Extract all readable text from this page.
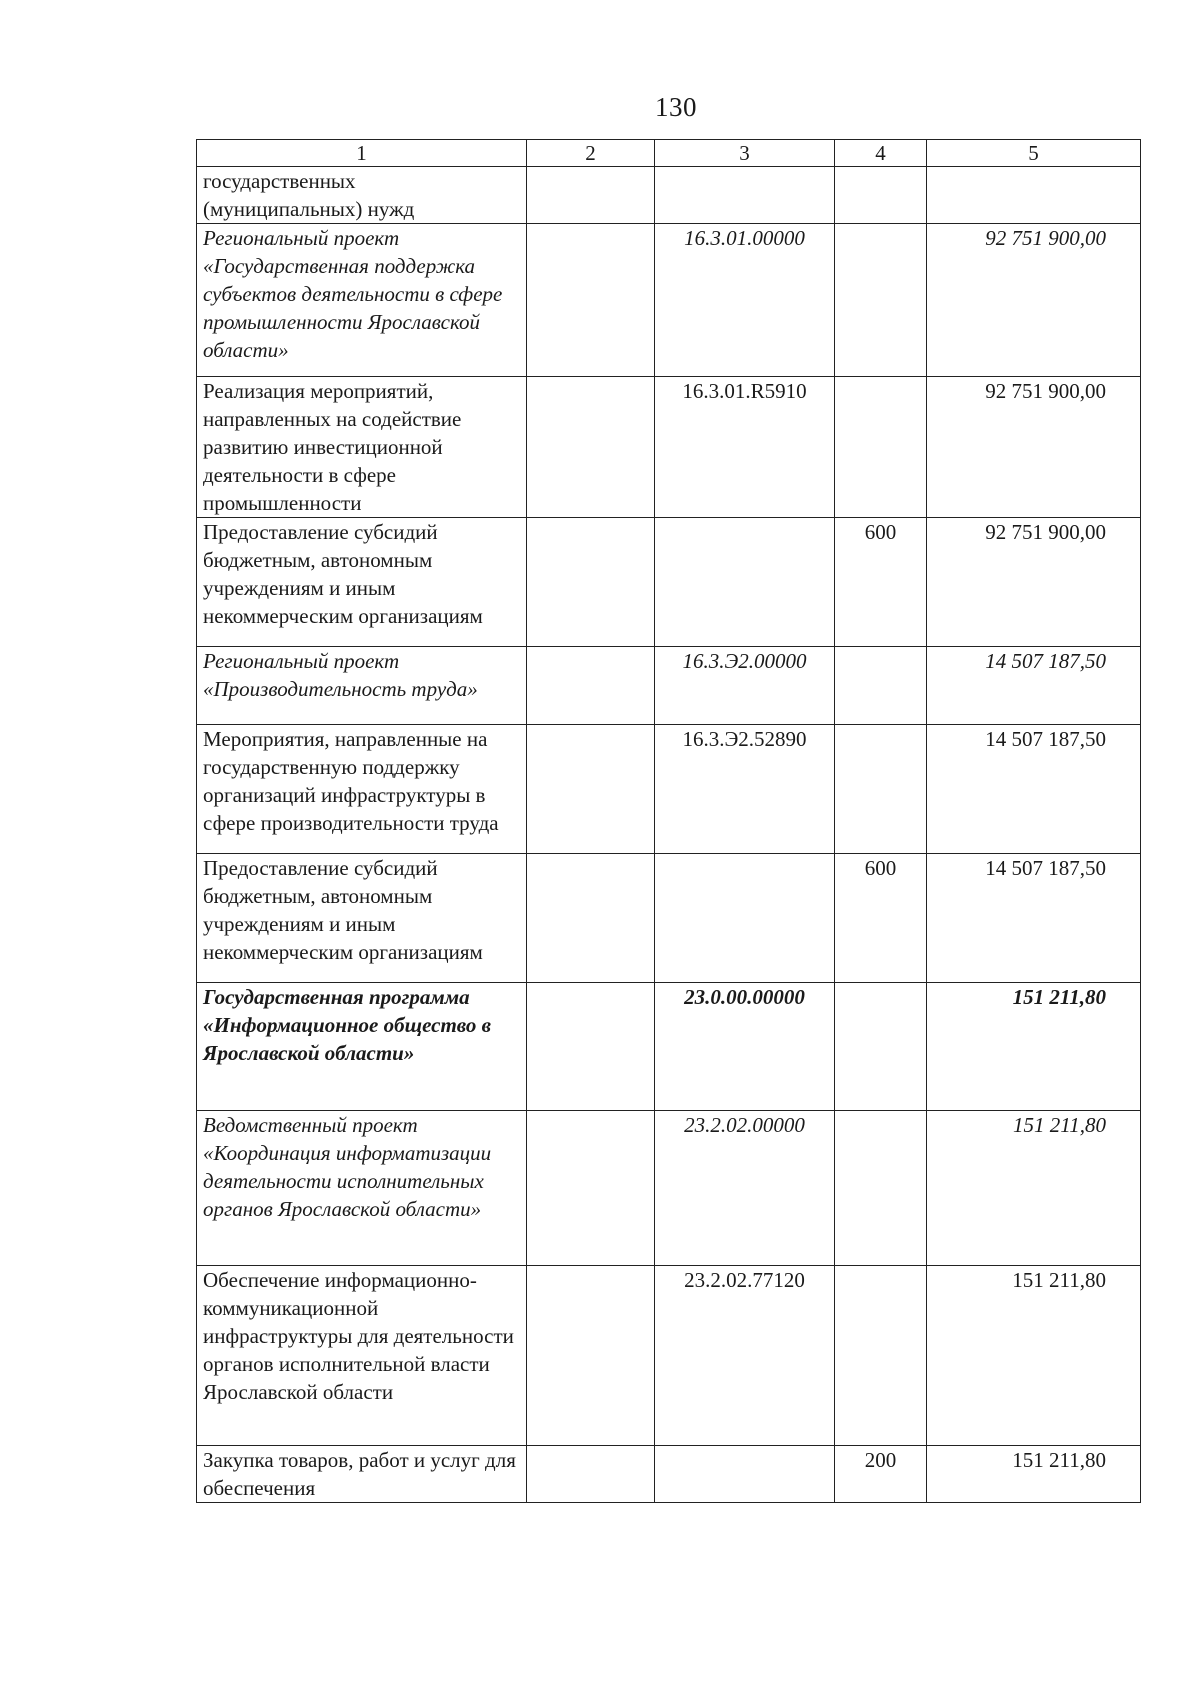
130
1	2	3	4	5
государственных (муниципальных) нужд				
Региональный проект «Государственная поддержка субъектов деятельности в сфере промышленности Ярославской области»		16.3.01.00000		92 751 900,00
Реализация мероприятий, направленных на содействие развитию инвестиционной деятельности в сфере промышленности		16.3.01.R5910		92 751 900,00
Предоставление субсидий бюджетным, автономным учреждениям и иным некоммерческим организациям			600	92 751 900,00
Региональный проект «Производительность труда»		16.3.Э2.00000		14 507 187,50
Мероприятия, направленные на государственную поддержку организаций инфраструктуры в сфере производительности труда		16.3.Э2.52890		14 507 187,50
Предоставление субсидий бюджетным, автономным учреждениям и иным некоммерческим организациям			600	14 507 187,50
Государственная программа «Информационное общество в Ярославской области»		23.0.00.00000		151 211,80
Ведомственный проект «Координация информатизации деятельности исполнительных органов Ярославской области»		23.2.02.00000		151 211,80
Обеспечение информационно-коммуникационной инфраструктуры для деятельности органов исполнительной власти Ярославской области		23.2.02.77120		151 211,80
Закупка товаров, работ и услуг для обеспечения			200	151 211,80
